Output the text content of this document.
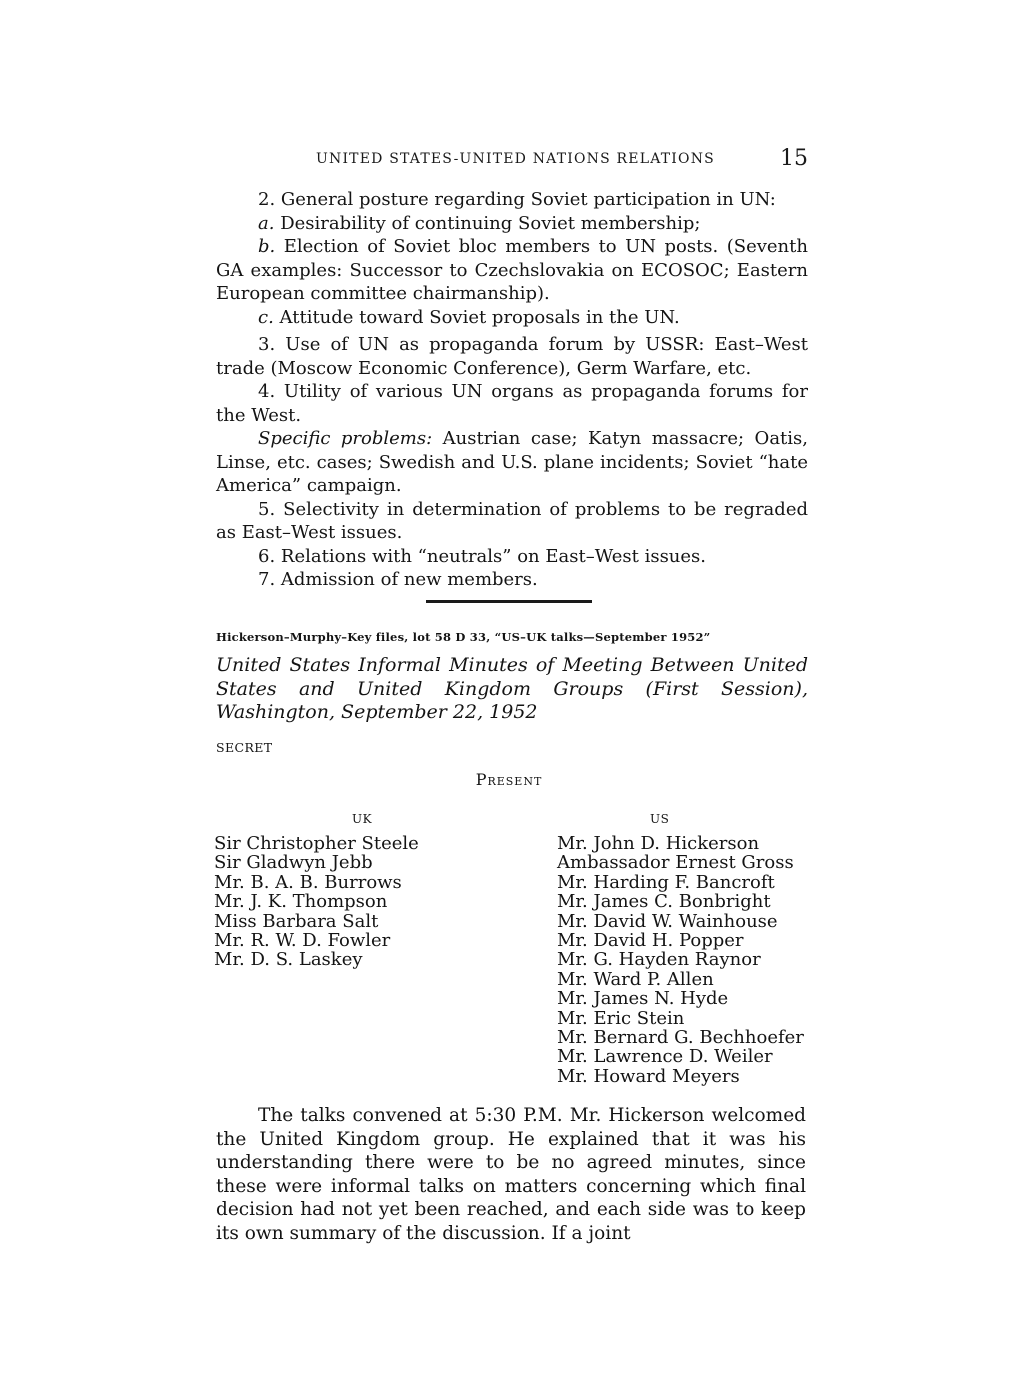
UNITED STATES-UNITED NATIONS RELATIONS	15

2. General posture regarding Soviet participation in UN:

a. Desirability of continuing Soviet membership;

b. Election of Soviet bloc members to UN posts. (Seventh GA examples: Successor to Czechslovakia on ECOSOC; Eastern European committee chairmanship).

c. Attitude toward Soviet proposals in the UN.

3. Use of UN as propaganda forum by USSR: East–West trade (Moscow Economic Conference), Germ Warfare, etc.

4. Utility of various UN organs as propaganda forums for the West.

Specific problems: Austrian case; Katyn massacre; Oatis, Linse, etc. cases; Swedish and U.S. plane incidents; Soviet “hate America” campaign.

5. Selectivity in determination of problems to be regraded as East–West issues.

6. Relations with “neutrals” on East–West issues.

7. Admission of new members.

Hickerson–Murphy–Key files, lot 58 D 33, “US–UK talks—September 1952”
United States Informal Minutes of Meeting Between United States and United Kingdom Groups (First Session), Washington, September 22, 1952
SECRET
Present
UK	US
Sir Christopher Steele
Sir Gladwyn Jebb
Mr. B. A. B. Burrows
Mr. J. K. Thompson
Miss Barbara Salt
Mr. R. W. D. Fowler
Mr. D. S. Laskey
Mr. John D. Hickerson
Ambassador Ernest Gross
Mr. Harding F. Bancroft
Mr. James C. Bonbright
Mr. David W. Wainhouse
Mr. David H. Popper
Mr. G. Hayden Raynor
Mr. Ward P. Allen
Mr. James N. Hyde
Mr. Eric Stein
Mr. Bernard G. Bechhoefer
Mr. Lawrence D. Weiler
Mr. Howard Meyers

The talks convened at 5:30 P.M. Mr. Hickerson welcomed the United Kingdom group. He explained that it was his understanding there were to be no agreed minutes, since these were informal talks on matters concerning which final decision had not yet been reached, and each side was to keep its own summary of the discussion. If a joint
